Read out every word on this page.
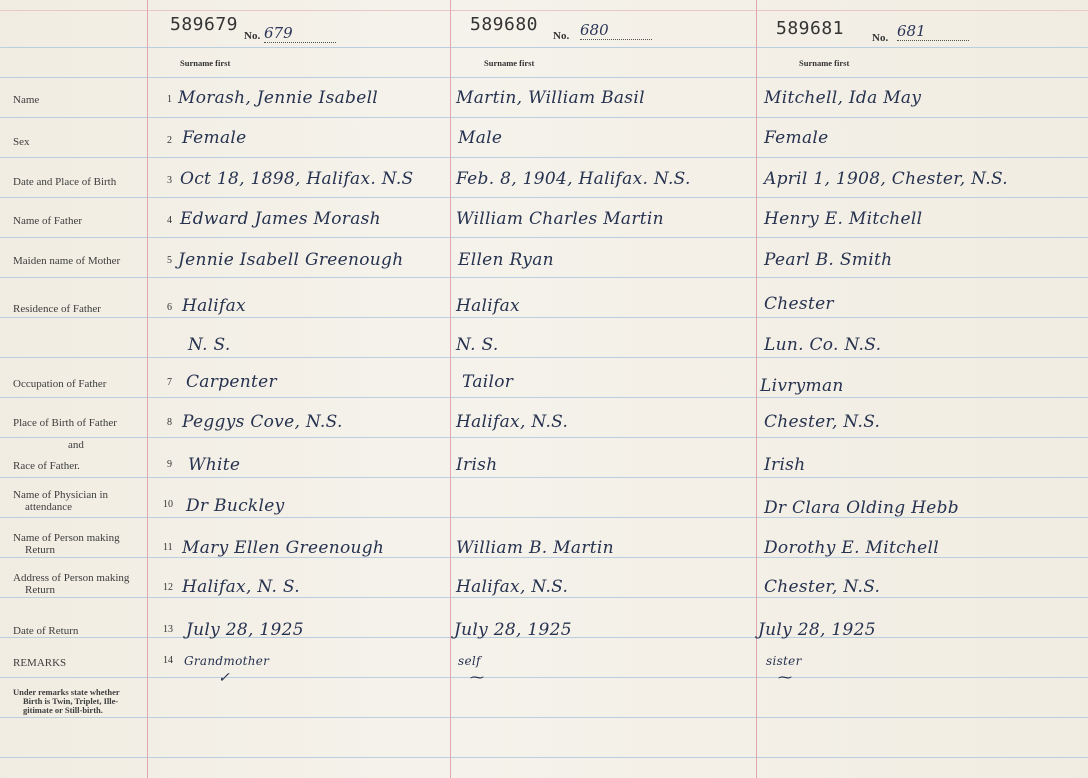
Name
Sex
Date and Place of Birth
Name of Father
Maiden name of Mother
Residence of Father
Occupation of Father
Place of Birth of Father
and
Race of Father.
Name of Physician in
attendance
Name of Person making
Return
Address of Person making
Return
Date of Return
REMARKS
Under remarks state whether
Birth is Twin, Triplet, Ille-
gitimate or Still-birth.
1
2
3
4
5
6
7
8
9
10
11
12
13
14
589679
No. 679
Surname first
Morash, Jennie Isabell
Female
Oct 18, 1898, Halifax. N.S
Edward James Morash
Jennie Isabell Greenough
Halifax
N. S.
Carpenter
Peggys Cove, N.S.
White
Dr Buckley
Mary Ellen Greenough
Halifax, N. S.
July 28, 1925
Grandmother
✓
589680
No. 680
Surname first
Martin, William Basil
Male
Feb. 8, 1904, Halifax. N.S.
William Charles Martin
Ellen Ryan
Halifax
N. S.
Tailor
Halifax, N.S.
Irish
William B. Martin
Halifax, N.S.
July 28, 1925
self
⁓
589681	No. 681
Surname first
Mitchell, Ida May
Female
April 1, 1908, Chester, N.S.
Henry E. Mitchell
Pearl B. Smith
Chester
Lun. Co. N.S.
Livryman
Chester, N.S.
Irish
Dr Clara Olding Hebb
Dorothy E. Mitchell
Chester, N.S.
July 28, 1925
sister
⁓
